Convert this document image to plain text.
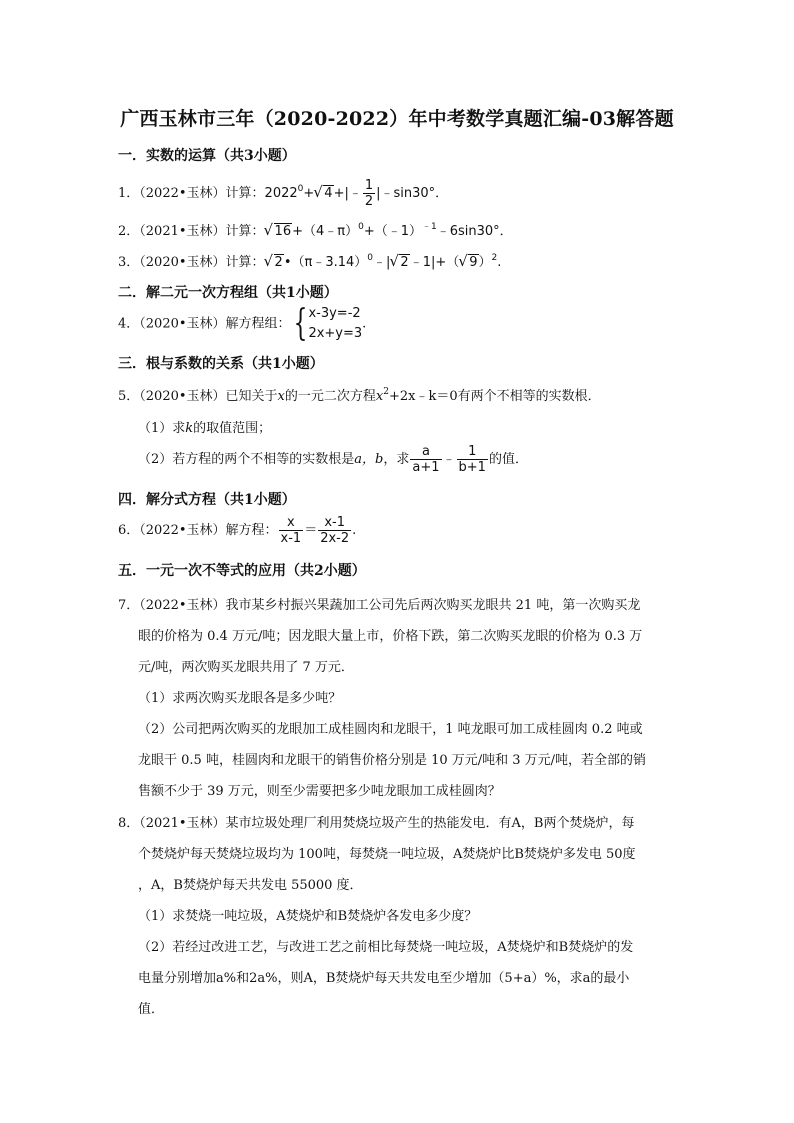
广西玉林市三年（2020-2022）年中考数学真题汇编-03解答题
一．实数的运算（共3小题）
1．（2022•玉林）计算：$2022^0+√$ 4+|﹣ $\frac{1}{2}$ |﹣sin30°．
2．（2021•玉林）计算：√ 16+（4﹣π）$^0$+（﹣1）$^{﹣1}$﹣6sin30°．
3．（2020•玉林）计算：√ 2•（π﹣3.14）$^0$﹣|√ 2﹣1|+（√ 9）$^2$.
二．解二元一次方程组（共1小题）
4．（2020•玉林）解方程组：{ x-3y=-2
2x+y=3
.
三．根与系数的关系（共1小题）
5．（2020•玉林）已知关于x的一元二次方程$x^2+2x﹣k=0$有两个不相等的实数根．
（1）求k的取值范围；
（2）若方程的两个不相等的实数根是a，b，求 $\frac{a}{a+1}$ ﹣ $\frac{1}{b+1}$ 的值．
四．解分式方程（共1小题）
6．（2022•玉林）解方程： $\frac{x}{x-1} = \frac{x-1}{2x-2}$ .
五．一元一次不等式的应用（共2小题）
7．（2022•玉林）我市某乡村振兴果蔬加工公司先后两次购买龙眼共 21 吨，第一次购买龙
眼的价格为 0.4 万元/吨；因龙眼大量上市，价格下跌，第二次购买龙眼的价格为 0.3 万
元/吨，两次购买龙眼共用了 7 万元．
（1）求两次购买龙眼各是多少吨？
（2）公司把两次购买的龙眼加工成桂圆肉和龙眼干，1 吨龙眼可加工成桂圆肉 0.2 吨或
龙眼干 0.5 吨，桂圆肉和龙眼干的销售价格分别是 10 万元/吨和 3 万元/吨，若全部的销
售额不少于 39 万元，则至少需要把多少吨龙眼加工成桂圆肉？
8．（2021•玉林）某市垃圾处理厂利用焚烧垃圾产生的热能发电．有A，B两个焚烧炉，每
个焚烧炉每天焚烧垃圾均为 100吨，每焚烧一吨垃圾，A焚烧炉比B焚烧炉多发电 50度
，A，B焚烧炉每天共发电 55000 度．
（1）求焚烧一吨垃圾，A焚烧炉和B焚烧炉各发电多少度？
（2）若经过改进工艺，与改进工艺之前相比每焚烧一吨垃圾，A焚烧炉和B焚烧炉的发
电量分别增加a%和2a%，则A，B焚烧炉每天共发电至少增加（5+a）%，求a的最小
值．
